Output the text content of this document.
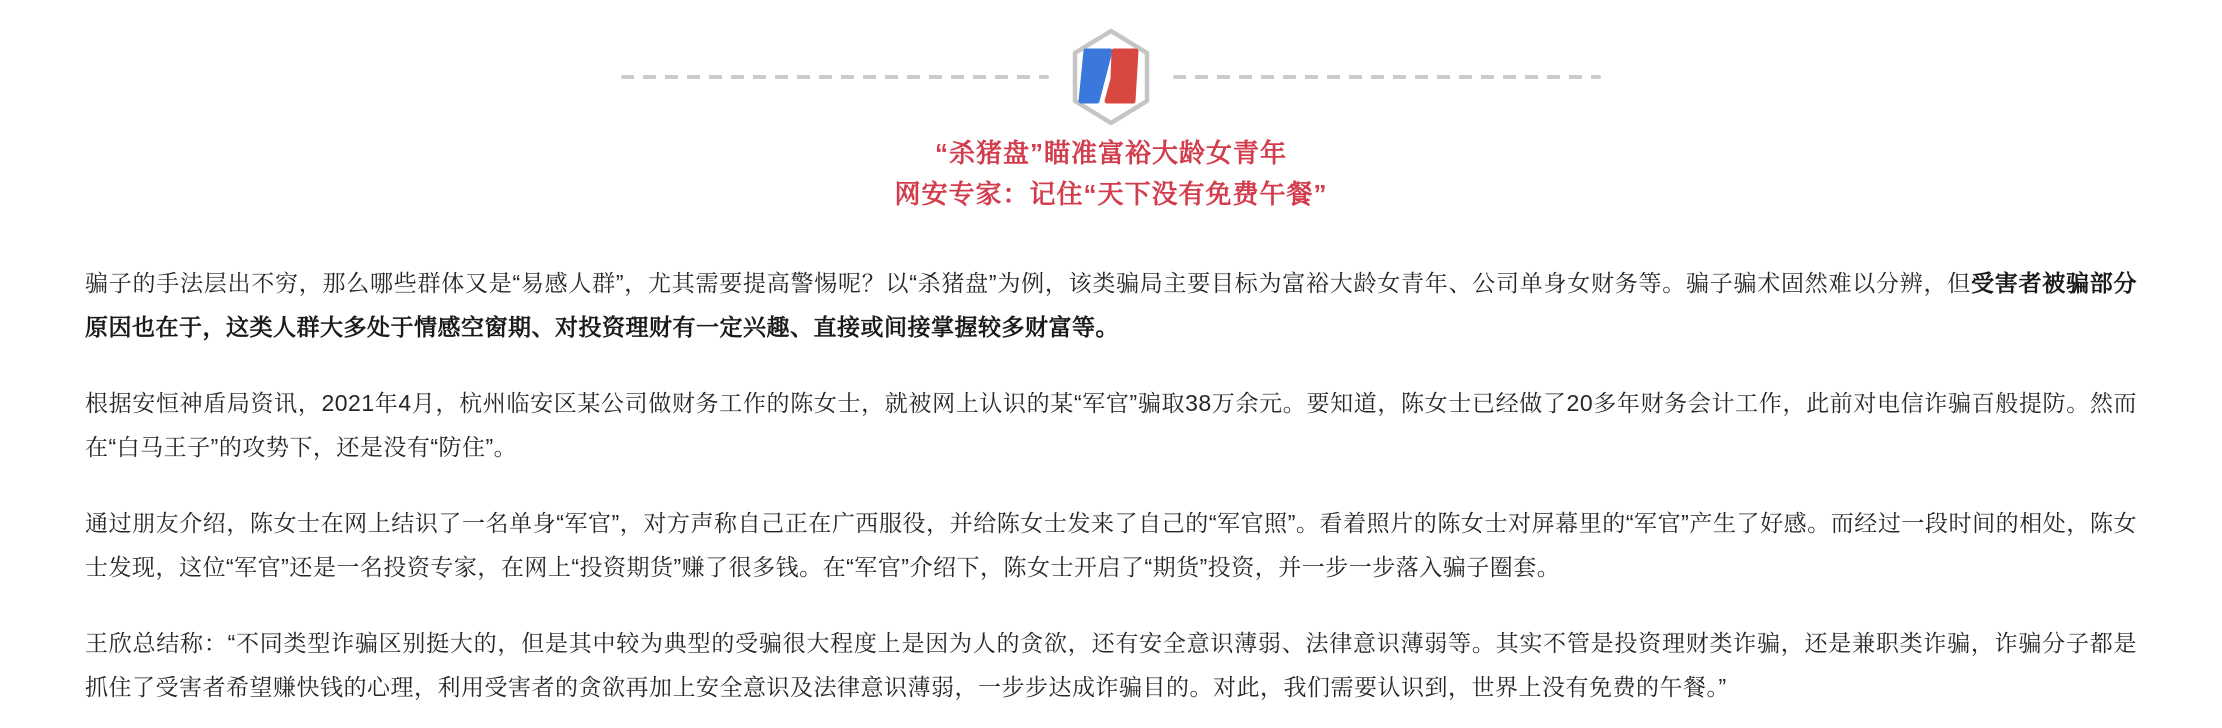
“杀猪盘”瞄准富裕大龄女青年
网安专家：记住“天下没有免费午餐”

骗子的手法层出不穷，那么哪些群体又是“易感人群”，尤其需要提高警惕呢？以“杀猪盘”为例，该类骗局主要目标为富裕大龄女青年、公司单身女财务等。骗子骗术固然难以分辨，但受害者被骗部分原因也在于，这类人群大多处于情感空窗期、对投资理财有一定兴趣、直接或间接掌握较多财富等。

根据安恒神盾局资讯，2021年4月，杭州临安区某公司做财务工作的陈女士，就被网上认识的某“军官”骗取38万余元。要知道，陈女士已经做了20多年财务会计工作，此前对电信诈骗百般提防。然而在“白马王子”的攻势下，还是没有“防住”。

通过朋友介绍，陈女士在网上结识了一名单身“军官”，对方声称自己正在广西服役，并给陈女士发来了自己的“军官照”。看着照片的陈女士对屏幕里的“军官”产生了好感。而经过一段时间的相处，陈女士发现，这位“军官”还是一名投资专家，在网上“投资期货”赚了很多钱。在“军官”介绍下，陈女士开启了“期货”投资，并一步一步落入骗子圈套。

王欣总结称：“不同类型诈骗区别挺大的，但是其中较为典型的受骗很大程度上是因为人的贪欲，还有安全意识薄弱、法律意识薄弱等。其实不管是投资理财类诈骗，还是兼职类诈骗，诈骗分子都是抓住了受害者希望赚快钱的心理，利用受害者的贪欲再加上安全意识及法律意识薄弱，一步步达成诈骗目的。对此，我们需要认识到，世界上没有免费的午餐。”
